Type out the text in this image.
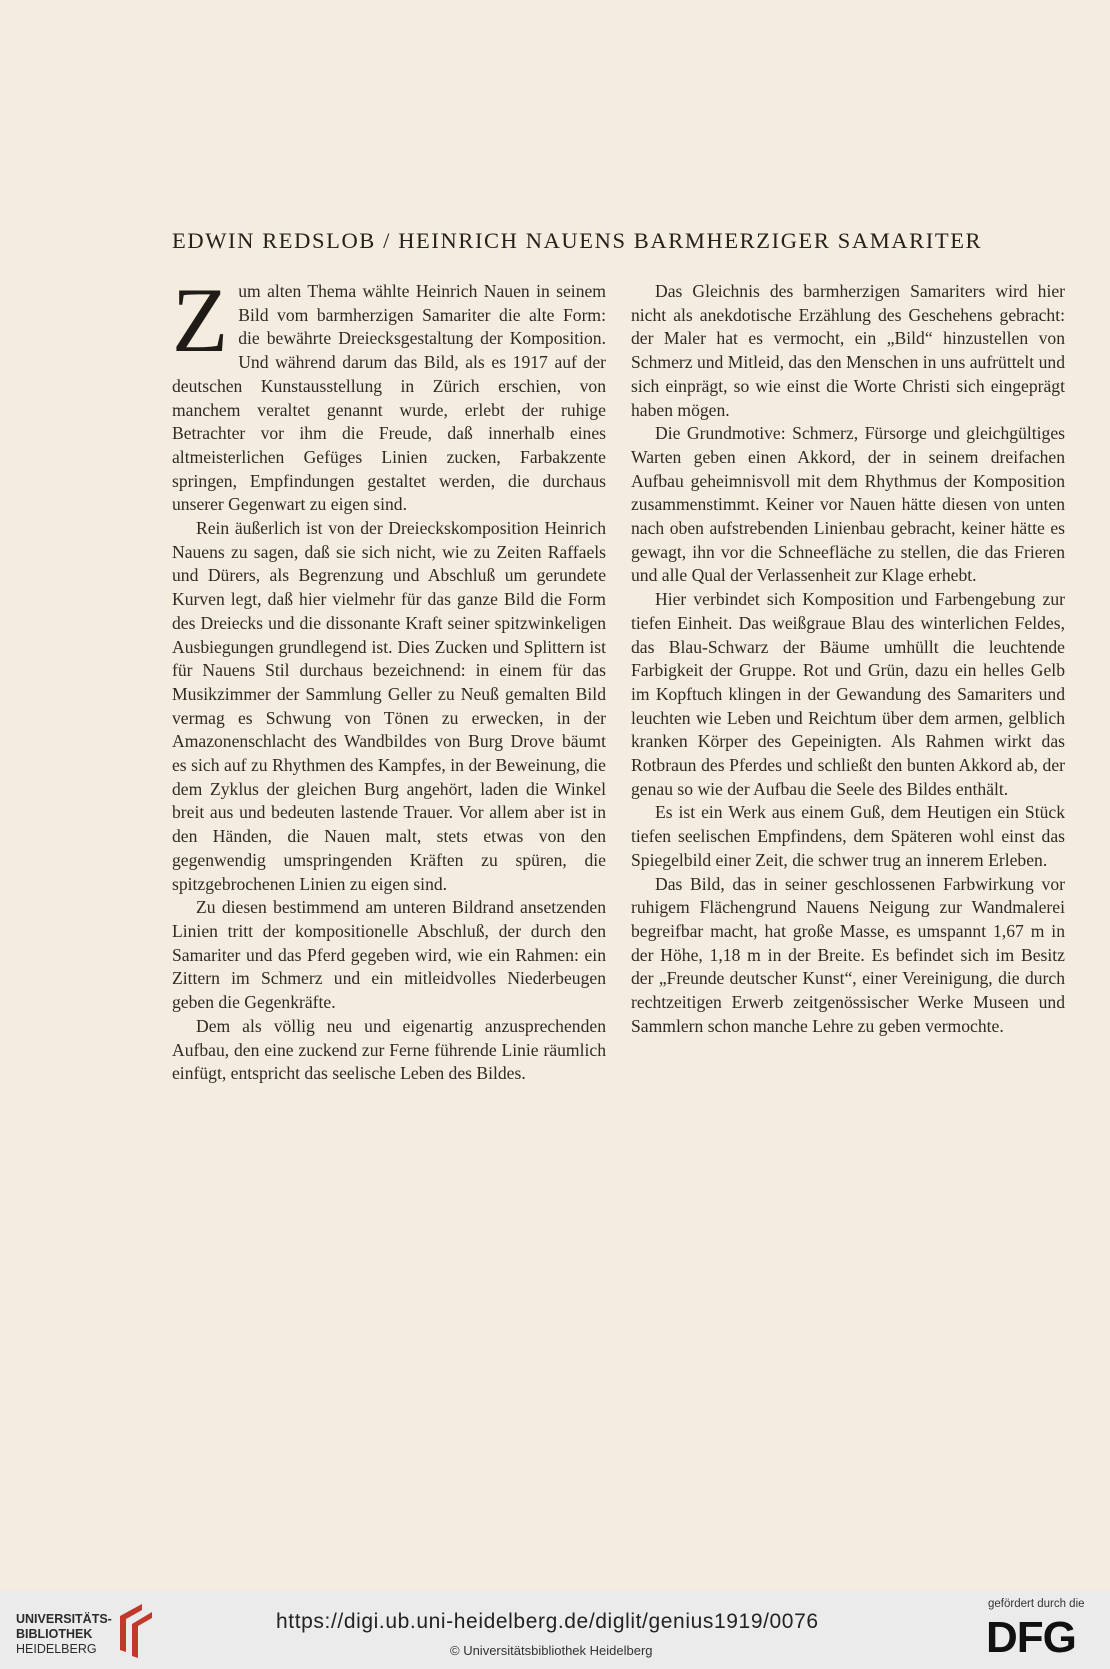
EDWIN REDSLOB / HEINRICH NAUENS BARMHERZIGER SAMARITER

Zum alten Thema wählte Heinrich Nauen in seinem Bild vom barmherzigen Samariter die alte Form: die bewährte Dreiecksgestaltung der Komposition. Und während darum das Bild, als es 1917 auf der deutschen Kunstausstellung in Zürich erschien, von manchem veraltet genannt wurde, erlebt der ruhige Betrachter vor ihm die Freude, daß innerhalb eines altmeisterlichen Gefüges Linien zucken, Farbakzente springen, Empfindungen gestaltet werden, die durchaus unserer Gegenwart zu eigen sind.

Rein äußerlich ist von der Dreieckskomposition Heinrich Nauens zu sagen, daß sie sich nicht, wie zu Zeiten Raffaels und Dürers, als Begrenzung und Abschluß um gerundete Kurven legt, daß hier vielmehr für das ganze Bild die Form des Dreiecks und die dissonante Kraft seiner spitzwinkeligen Ausbiegungen grundlegend ist. Dies Zucken und Splittern ist für Nauens Stil durchaus bezeichnend: in einem für das Musikzimmer der Sammlung Geller zu Neuß gemalten Bild vermag es Schwung von Tönen zu erwecken, in der Amazonenschlacht des Wandbildes von Burg Drove bäumt es sich auf zu Rhythmen des Kampfes, in der Beweinung, die dem Zyklus der gleichen Burg angehört, laden die Winkel breit aus und bedeuten lastende Trauer. Vor allem aber ist in den Händen, die Nauen malt, stets etwas von den gegenwendig umspringenden Kräften zu spüren, die spitzgebrochenen Linien zu eigen sind.

Zu diesen bestimmend am unteren Bildrand ansetzenden Linien tritt der kompositionelle Abschluß, der durch den Samariter und das Pferd gegeben wird, wie ein Rahmen: ein Zittern im Schmerz und ein mitleidvolles Niederbeugen geben die Gegenkräfte.

Dem als völlig neu und eigenartig anzusprechenden Aufbau, den eine zuckend zur Ferne führende Linie räumlich einfügt, entspricht das seelische Leben des Bildes.

Das Gleichnis des barmherzigen Samariters wird hier nicht als anekdotische Erzählung des Geschehens gebracht: der Maler hat es vermocht, ein „Bild“ hinzustellen von Schmerz und Mitleid, das den Menschen in uns aufrüttelt und sich einprägt, so wie einst die Worte Christi sich eingeprägt haben mögen.

Die Grundmotive: Schmerz, Fürsorge und gleichgültiges Warten geben einen Akkord, der in seinem dreifachen Aufbau geheimnisvoll mit dem Rhythmus der Komposition zusammenstimmt. Keiner vor Nauen hätte diesen von unten nach oben aufstrebenden Linienbau gebracht, keiner hätte es gewagt, ihn vor die Schneefläche zu stellen, die das Frieren und alle Qual der Verlassenheit zur Klage erhebt.

Hier verbindet sich Komposition und Farbengebung zur tiefen Einheit. Das weißgraue Blau des winterlichen Feldes, das Blau-Schwarz der Bäume umhüllt die leuchtende Farbigkeit der Gruppe. Rot und Grün, dazu ein helles Gelb im Kopftuch klingen in der Gewandung des Samariters und leuchten wie Leben und Reichtum über dem armen, gelblich kranken Körper des Gepeinigten. Als Rahmen wirkt das Rotbraun des Pferdes und schließt den bunten Akkord ab, der genau so wie der Aufbau die Seele des Bildes enthält.

Es ist ein Werk aus einem Guß, dem Heutigen ein Stück tiefen seelischen Empfindens, dem Späteren wohl einst das Spiegelbild einer Zeit, die schwer trug an innerem Erleben.

Das Bild, das in seiner geschlossenen Farbwirkung vor ruhigem Flächengrund Nauens Neigung zur Wandmalerei begreifbar macht, hat große Masse, es umspannt 1,67 m in der Höhe, 1,18 m in der Breite. Es befindet sich im Besitz der „Freunde deutscher Kunst“, einer Vereinigung, die durch rechtzeitigen Erwerb zeitgenössischer Werke Museen und Sammlern schon manche Lehre zu geben vermochte.

UNIVERSITÄTS-
BIBLIOTHEK
HEIDELBERG
https://digi.ub.uni-heidelberg.de/diglit/genius1919/0076
© Universitätsbibliothek Heidelberg
gefördert durch die
DFG
